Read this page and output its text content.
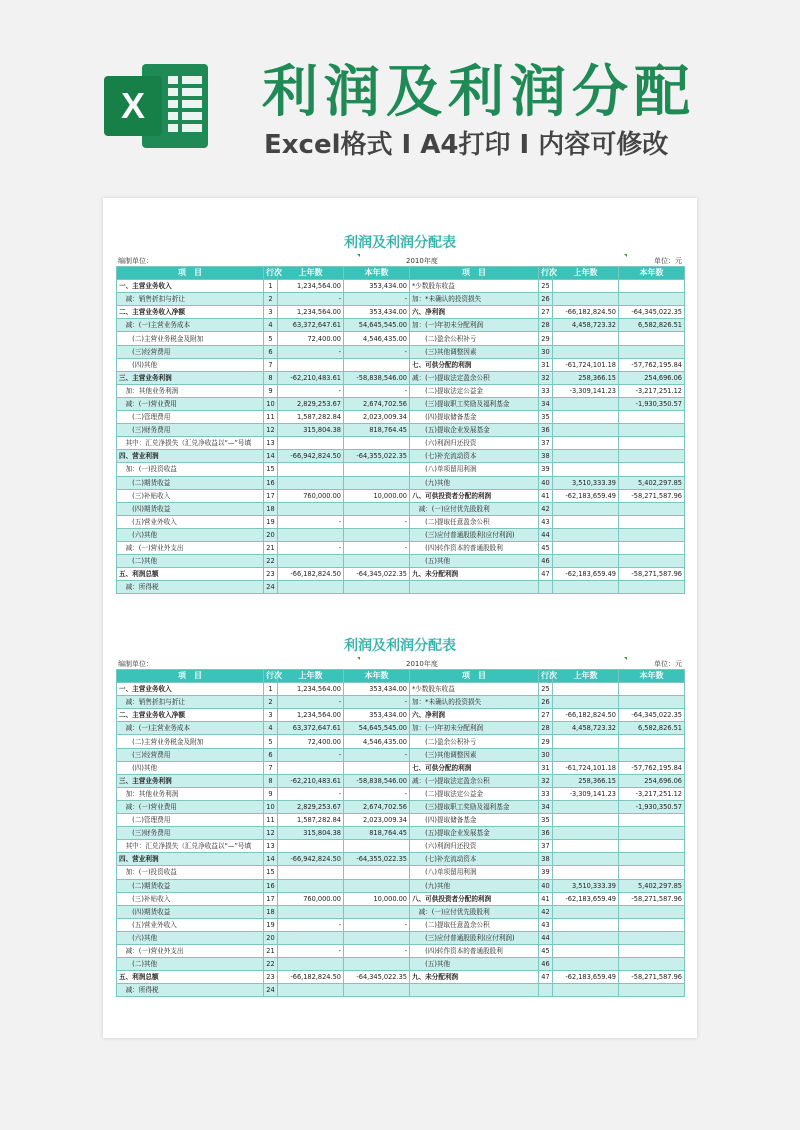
X 利润及利润分配
Excel格式 I A4打印 I 内容可修改
利润及利润分配表
编制单位：	2010年度	单位：元
项　目	行次	上年数	本年数	项　目	行次	上年数	本年数
一、主营业务收入	1	1,234,564.00	353,434.00	*少数股东收益	25		
　减：销售折扣与折让	2	-	-	加：*未确认的投资损失	26		
二、主营业务收入净额	3	1,234,564.00	353,434.00	六、净利润	27	-66,182,824.50	-64,345,022.35
　减：(一)主营业务成本	4	63,372,647.61	54,645,545.00	加：(一)年初未分配利润	28	4,458,723.32	6,582,826.51
　　(二)主营业务税金及附加	5	72,400.00	4,546,435.00	　　(二)盈余公积补亏	29		
　　(三)经营费用	6	-	-	　　(三)其他调整因素	30		
　　(四)其他	7			七、可供分配的利润	31	-61,724,101.18	-57,762,195.84
三、主营业务利润	8	-62,210,483.61	-58,838,546.00	减：(一)提取法定盈余公积	32	258,366.15	254,696.06
　加：其他业务利润	9	-	-	　　(二)提取法定公益金	33	-3,309,141.23	-3,217,251.12
　减：(一)营业费用	10	2,829,253.67	2,674,702.56	　　(三)提取职工奖励及福利基金	34		-1,930,350.57
　　(二)管理费用	11	1,587,282.84	2,023,009.34	　　(四)提取储备基金	35		
　　(三)财务费用	12	315,804.38	818,764.45	　　(五)提取企业发展基金	36		
　其中：汇兑净损失（汇兑净收益以“—”号填	13			　　(六)利润归还投资	37		
四、营业利润	14	-66,942,824.50	-64,355,022.35	　　(七)补充流动资本	38		
　加：(一)投资收益	15			　　(八)单项留用利润	39		
　　(二)期货收益	16			　　(九)其他	40	3,510,333.39	5,402,297.85
　　(三)补贴收入	17	760,000.00	10,000.00	八、可供投资者分配的利润	41	-62,183,659.49	-58,271,587.96
　　(四)期货收益	18			　减：(一)应付优先股股利	42		
　　(五)营业外收入	19	-	-	　　(二)提取任意盈余公积	43		
　　(六)其他	20			　　(三)应付普通股股利(应付利润)	44		
　减：(一)营业外支出	21	-	-	　　(四)转作资本的普通股股利	45		
　　(二)其他	22			　　(五)其他	46		
五、利润总额	23	-66,182,824.50	-64,345,022.35	九、未分配利润	47	-62,183,659.49	-58,271,587.96
　减：所得税	24						
利润及利润分配表
编制单位：	2010年度	单位：元
项　目	行次	上年数	本年数	项　目	行次	上年数	本年数
一、主营业务收入	1	1,234,564.00	353,434.00	*少数股东收益	25		
　减：销售折扣与折让	2	-	-	加：*未确认的投资损失	26		
二、主营业务收入净额	3	1,234,564.00	353,434.00	六、净利润	27	-66,182,824.50	-64,345,022.35
　减：(一)主营业务成本	4	63,372,647.61	54,645,545.00	加：(一)年初未分配利润	28	4,458,723.32	6,582,826.51
　　(二)主营业务税金及附加	5	72,400.00	4,546,435.00	　　(二)盈余公积补亏	29		
　　(三)经营费用	6	-	-	　　(三)其他调整因素	30		
　　(四)其他	7			七、可供分配的利润	31	-61,724,101.18	-57,762,195.84
三、主营业务利润	8	-62,210,483.61	-58,838,546.00	减：(一)提取法定盈余公积	32	258,366.15	254,696.06
　加：其他业务利润	9	-	-	　　(二)提取法定公益金	33	-3,309,141.23	-3,217,251.12
　减：(一)营业费用	10	2,829,253.67	2,674,702.56	　　(三)提取职工奖励及福利基金	34		-1,930,350.57
　　(二)管理费用	11	1,587,282.84	2,023,009.34	　　(四)提取储备基金	35		
　　(三)财务费用	12	315,804.38	818,764.45	　　(五)提取企业发展基金	36		
　其中：汇兑净损失（汇兑净收益以“—”号填	13			　　(六)利润归还投资	37		
四、营业利润	14	-66,942,824.50	-64,355,022.35	　　(七)补充流动资本	38		
　加：(一)投资收益	15			　　(八)单项留用利润	39		
　　(二)期货收益	16			　　(九)其他	40	3,510,333.39	5,402,297.85
　　(三)补贴收入	17	760,000.00	10,000.00	八、可供投资者分配的利润	41	-62,183,659.49	-58,271,587.96
　　(四)期货收益	18			　减：(一)应付优先股股利	42		
　　(五)营业外收入	19	-	-	　　(二)提取任意盈余公积	43		
　　(六)其他	20			　　(三)应付普通股股利(应付利润)	44		
　减：(一)营业外支出	21	-	-	　　(四)转作资本的普通股股利	45		
　　(二)其他	22			　　(五)其他	46		
五、利润总额	23	-66,182,824.50	-64,345,022.35	九、未分配利润	47	-62,183,659.49	-58,271,587.96
　减：所得税	24						
